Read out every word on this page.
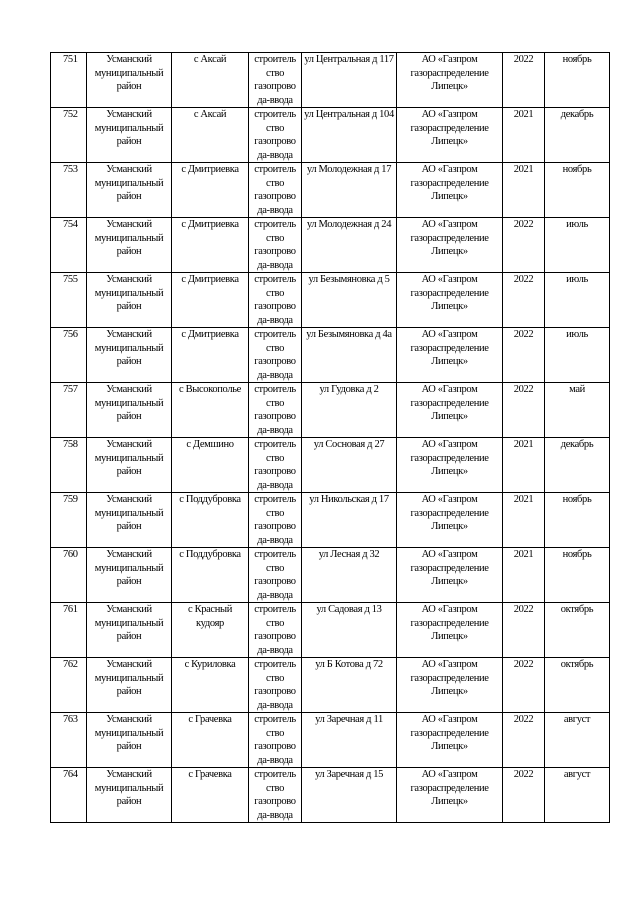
751	Усманский муниципальный район	с Аксай	строитель ство газопрово да-ввода	ул Центральная д 117	АО «Газпром газораспределение Липецк»	2022	ноябрь
752	Усманский муниципальный район	с Аксай	строитель ство газопрово да-ввода	ул Центральная д 104	АО «Газпром газораспределение Липецк»	2021	декабрь
753	Усманский муниципальный район	с Дмитриевка	строитель ство газопрово да-ввода	ул Молодежная д 17	АО «Газпром газораспределение Липецк»	2021	ноябрь
754	Усманский муниципальный район	с Дмитриевка	строитель ство газопрово да-ввода	ул Молодежная д 24	АО «Газпром газораспределение Липецк»	2022	июль
755	Усманский муниципальный район	с Дмитриевка	строитель ство газопрово да-ввода	ул Безымяновка д 5	АО «Газпром газораспределение Липецк»	2022	июль
756	Усманский муниципальный район	с Дмитриевка	строитель ство газопрово да-ввода	ул Безымяновка д 4а	АО «Газпром газораспределение Липецк»	2022	июль
757	Усманский муниципальный район	с Высокополье	строитель ство газопрово да-ввода	ул Гудовка д 2	АО «Газпром газораспределение Липецк»	2022	май
758	Усманский муниципальный район	с Демшино	строитель ство газопрово да-ввода	ул Сосновая д 27	АО «Газпром газораспределение Липецк»	2021	декабрь
759	Усманский муниципальный район	с Поддубровка	строитель ство газопрово да-ввода	ул Никольская д 17	АО «Газпром газораспределение Липецк»	2021	ноябрь
760	Усманский муниципальный район	с Поддубровка	строитель ство газопрово да-ввода	ул Лесная д 32	АО «Газпром газораспределение Липецк»	2021	ноябрь
761	Усманский муниципальный район	с Красный кудояр	строитель ство газопрово да-ввода	ул Садовая д 13	АО «Газпром газораспределение Липецк»	2022	октябрь
762	Усманский муниципальный район	с Куриловка	строитель ство газопрово да-ввода	ул Б Котова д 72	АО «Газпром газораспределение Липецк»	2022	октябрь
763	Усманский муниципальный район	с Грачевка	строитель ство газопрово да-ввода	ул Заречная д 11	АО «Газпром газораспределение Липецк»	2022	август
764	Усманский муниципальный район	с Грачевка	строитель ство газопрово да-ввода	ул Заречная д 15	АО «Газпром газораспределение Липецк»	2022	август
